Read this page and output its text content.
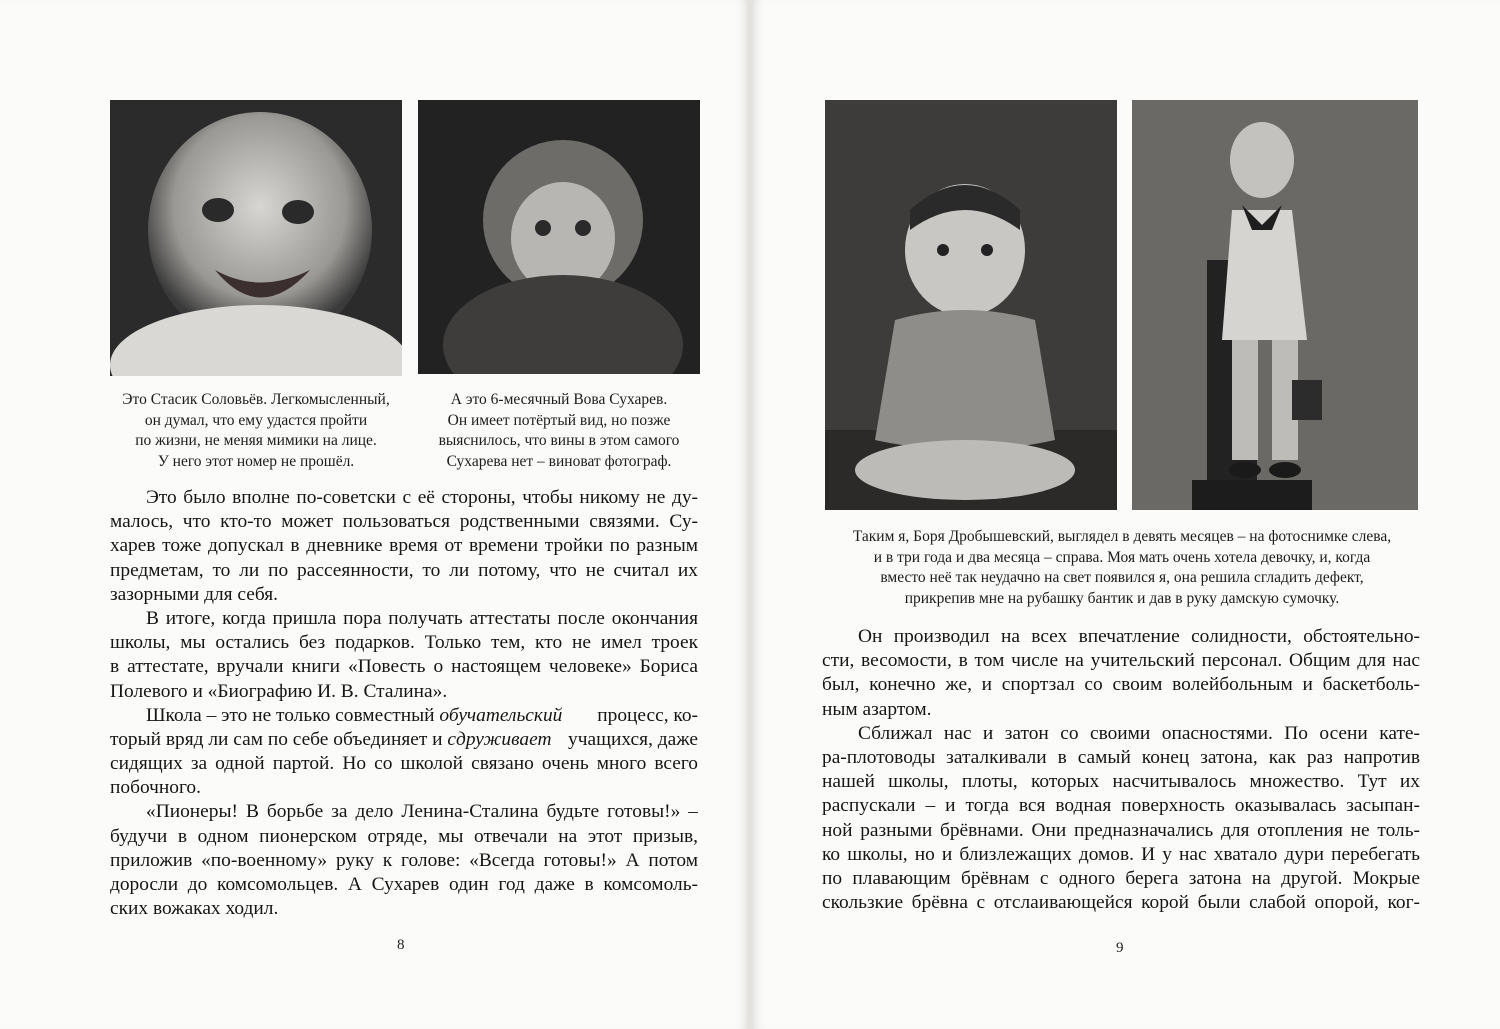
Это Стасик Соловьёв. Легкомысленный,
он думал, что ему удастся пройти
по жизни, не меняя мимики на лице.
У него этот номер не прошёл.
А это 6-месячный Вова Сухарев.
Он имеет потёртый вид, но позже
выяснилось, что вины в этом самого
Сухарева нет – виноват фотограф.
Это было вполне по-советски с её стороны, чтобы никому не ду-
малось, что кто-то может пользоваться родственными связями. Су-
харев тоже допускал в дневнике время от времени тройки по разным
предметам, то ли по рассеянности, то ли потому, что не считал их
зазорными для себя.
В итоге, когда пришла пора получать аттестаты после окончания
школы, мы остались без подарков. Только тем, кто не имел троек
в аттестате, вручали книги «Повесть о настоящем человеке» Бориса
Полевого и «Биографию И. В. Сталина».
Школа – это не только совместный обучательский процесс, ко-
торый вряд ли сам по себе объединяет и сдруживает учащихся, даже
сидящих за одной партой. Но со школой связано очень много всего
побочного.
«Пионеры! В борьбе за дело Ленина-Сталина будьте готовы!» –
будучи в одном пионерском отряде, мы отвечали на этот призыв,
приложив «по-военному» руку к голове: «Всегда готовы!» А потом
доросли до комсомольцев. А Сухарев один год даже в комсомоль-
ских вожаках ходил.
8
Таким я, Боря Дробышевский, выглядел в девять месяцев – на фотоснимке слева,
и в три года и два месяца – справа. Моя мать очень хотела девочку, и, когда
вместо неё так неудачно на свет появился я, она решила сгладить дефект,
прикрепив мне на рубашку бантик и дав в руку дамскую сумочку.
Он производил на всех впечатление солидности, обстоятельно-
сти, весомости, в том числе на учительский персонал. Общим для нас
был, конечно же, и спортзал со своим волейбольным и баскетболь-
ным азартом.
Сближал нас и затон со своими опасностями. По осени кате-
ра-плотоводы заталкивали в самый конец затона, как раз напротив
нашей школы, плоты, которых насчитывалось множество. Тут их
распускали – и тогда вся водная поверхность оказывалась засыпан-
ной разными брёвнами. Они предназначались для отопления не толь-
ко школы, но и близлежащих домов. И у нас хватало дури перебегать
по плавающим брёвнам с одного берега затона на другой. Мокрые
скользкие брёвна с отслаивающейся корой были слабой опорой, ког-
9
